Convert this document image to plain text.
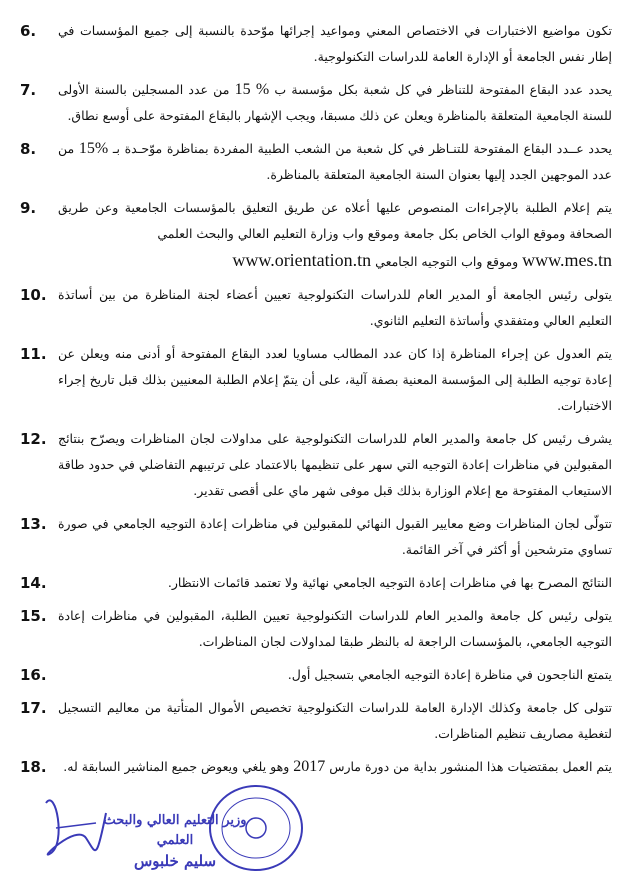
6.	تكون مواضيع الاختبارات في الاختصاص المعني ومواعيد إجرائها موّحدة بالنسبة إلى جميع المؤسسات في إطار نفس الجامعة أو الإدارة العامة للدراسات التكنولوجية.
7.	يحدد عدد البقاع المفتوحة للتناظر في كل شعبة بكل مؤسسة ب 15 % من عدد المسجلين بالسنة الأولى للسنة الجامعية المتعلقة بالمناظرة ويعلن عن ذلك مسبقا، ويجب الإشهار بالبقاع المفتوحة على أوسع نطاق.
8.	يحدد عــدد البقاع المفتوحة للتنـاظر في كل شعبة من الشعب الطبية المفردة بمناظرة موّحـدة بـ 15% من عدد الموجهين الجدد إليها بعنوان السنة الجامعية المتعلقة بالمناظرة.
9.	يتم إعلام الطلبة بالإجراءات المنصوص عليها أعلاه عن طريق التعليق بالمؤسسات الجامعية وعن طريق الصحافة وموقع الواب الخاص بكل جامعة وموقع واب وزارة التعليم العالي والبحث العلمي
www.mes.tn وموقع واب التوجيه الجامعي www.orientation.tn
10. يتولى رئيس الجامعة أو المدير العام للدراسات التكنولوجية تعيين أعضاء لجنة المناظرة من بين أساتذة التعليم العالي ومتفقدي وأساتذة التعليم الثانوي.
11. يتم العدول عن إجراء المناظرة إذا كان عدد المطالب مساويا لعدد البقاع المفتوحة أو أدنى منه ويعلن عن إعادة توجيه الطلبة إلى المؤسسة المعنية بصفة آلية، على أن يتمّ إعلام الطلبة المعنيين بذلك قبل تاريخ إجراء الاختبارات.
12. يشرف رئيس كل جامعة والمدير العام للدراسات التكنولوجية على مداولات لجان المناظرات ويصرّح بنتائج المقبولين في مناظرات إعادة التوجيه التي سهر على تنظيمها بالاعتماد على ترتيبهم التفاضلي في حدود طاقة الاستيعاب المفتوحة مع إعلام الوزارة بذلك قبل موفى شهر ماي على أقصى تقدير.
13. تتولّى لجان المناظرات وضع معايير القبول النهائي للمقبولين في مناظرات إعادة التوجيه الجامعي في صورة تساوي مترشحين أو أكثر في آخر القائمة.
14.	النتائج المصرح بها في مناظرات إعادة التوجيه الجامعي نهائية ولا تعتمد قائمات الانتظار.
15. يتولى رئيس كل جامعة والمدير العام للدراسات التكنولوجية تعيين الطلبة، المقبولين في مناظرات إعادة التوجيه الجامعي، بالمؤسسات الراجعة له بالنظر طبقا لمداولات لجان المناظرات.
16.	يتمتع الناجحون في مناظرة إعادة التوجيه الجامعي بتسجيل أول.
17. تتولى كل جامعة وكذلك الإدارة العامة للدراسات التكنولوجية تخصيص الأموال المتأتية من معاليم التسجيل لتغطية مصاريف تنظيم المناظرات.
18.	يتم العمل بمقتضيات هذا المنشور بداية من دورة مارس 2017 وهو يلغي ويعوض جميع المناشير السابقة له.
وزير التعليم العالي والبحث العلمي
سليم خلبوس
